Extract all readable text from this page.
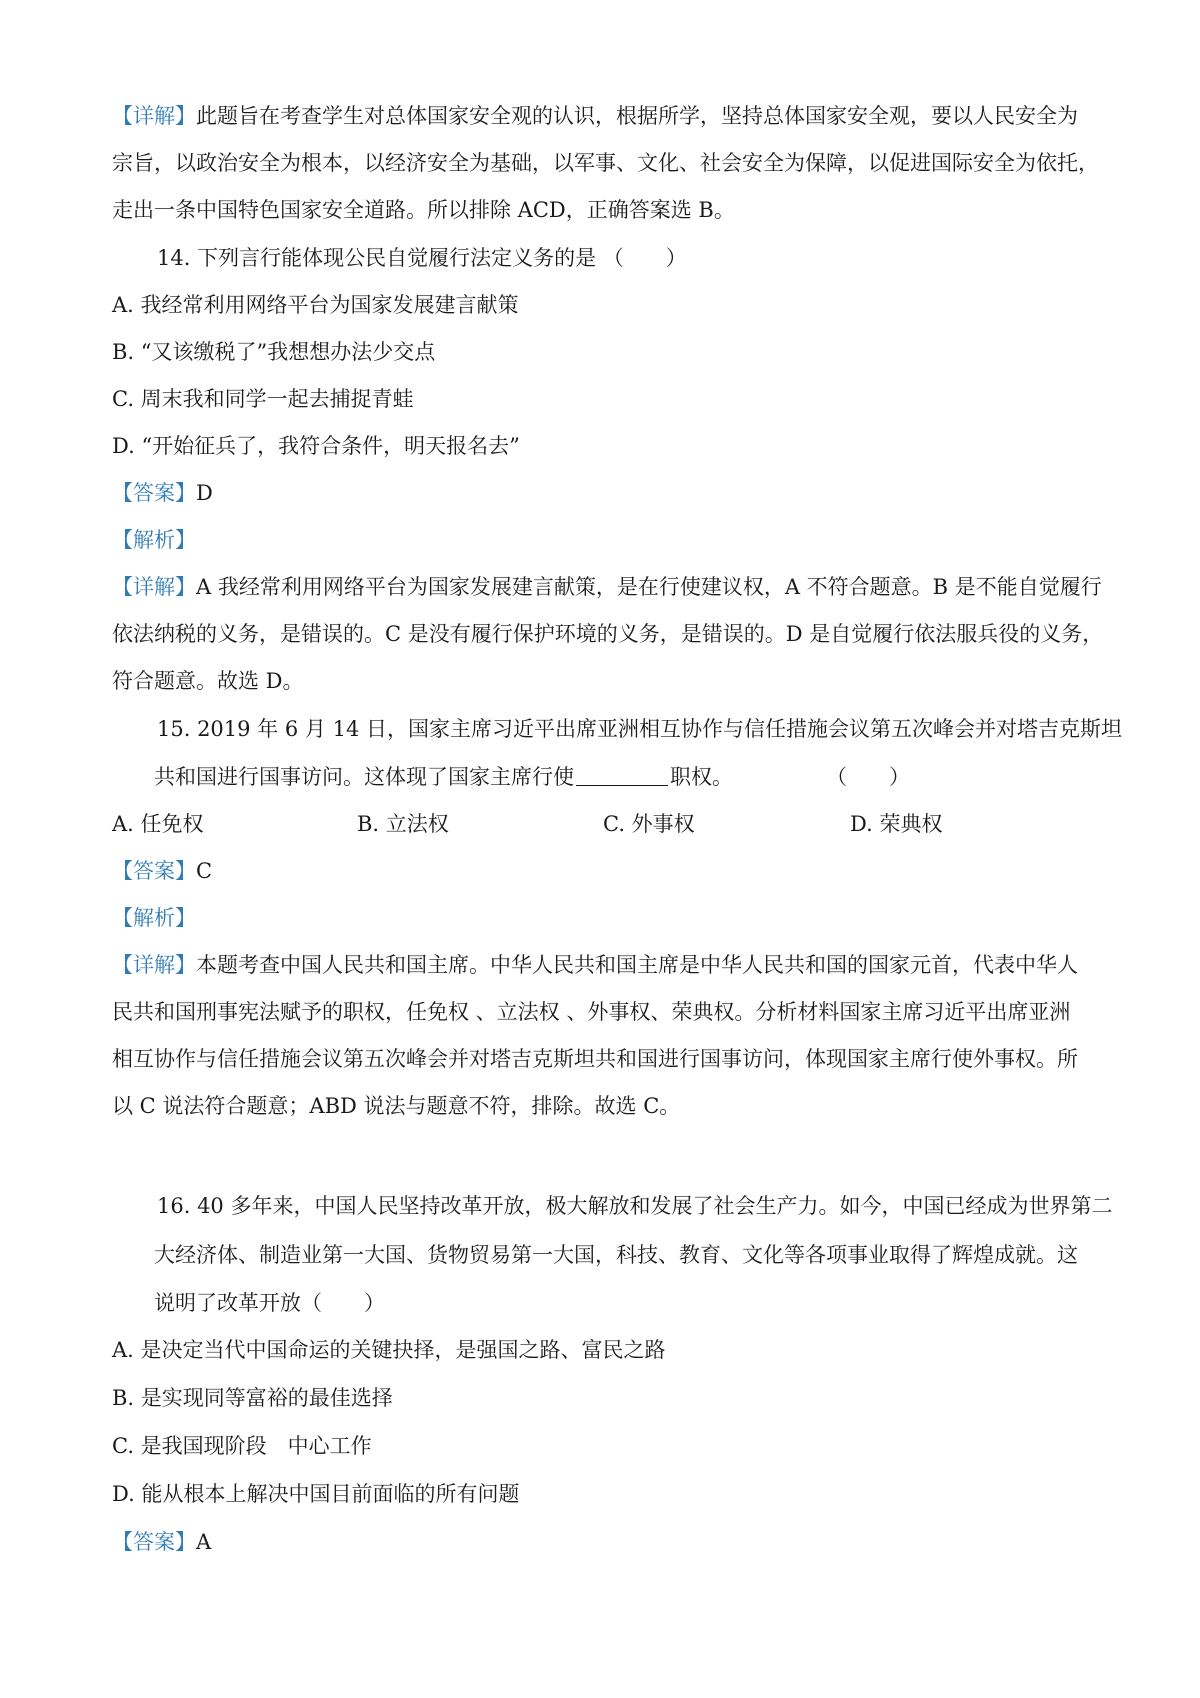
【详解】此题旨在考查学生对总体国家安全观的认识，根据所学，坚持总体国家安全观，要以人民安全为
宗旨，以政治安全为根本，以经济安全为基础，以军事、文化、社会安全为保障，以促进国际安全为依托，
走出一条中国特色国家安全道路。所以排除 ACD，正确答案选 B。
14. 下列言行能体现公民自觉履行法定义务的是 （　　）
A. 我经常利用网络平台为国家发展建言献策
B. “又该缴税了”我想想办法少交点
C. 周末我和同学一起去捕捉青蛙
D. “开始征兵了，我符合条件，明天报名去”
【答案】D
【解析】
【详解】A 我经常利用网络平台为国家发展建言献策，是在行使建议权，A 不符合题意。B 是不能自觉履行
依法纳税的义务，是错误的。C 是没有履行保护环境的义务，是错误的。D 是自觉履行依法服兵役的义务，
符合题意。故选 D。
15. 2019 年 6 月 14 日，国家主席习近平出席亚洲相互协作与信任措施会议第五次峰会并对塔吉克斯坦
共和国进行国事访问。这体现了国家主席行使	职权。	（　　）
A. 任免权	B. 立法权	C. 外事权	D. 荣典权
【答案】C
【解析】
【详解】本题考查中国人民共和国主席。中华人民共和国主席是中华人民共和国的国家元首，代表中华人
民共和国刑事宪法赋予的职权，任免权 、立法权 、外事权、荣典权。分析材料国家主席习近平出席亚洲
相互协作与信任措施会议第五次峰会并对塔吉克斯坦共和国进行国事访问，体现国家主席行使外事权。所
以 C 说法符合题意；ABD 说法与题意不符，排除。故选 C。
16. 40 多年来，中国人民坚持改革开放，极大解放和发展了社会生产力。如今，中国已经成为世界第二
大经济体、制造业第一大国、货物贸易第一大国，科技、教育、文化等各项事业取得了辉煌成就。这
说明了改革开放（　　）
A. 是决定当代中国命运的关键抉择，是强国之路、富民之路
B. 是实现同等富裕的最佳选择
C. 是我国现阶段　中心工作
D. 能从根本上解决中国目前面临的所有问题
【答案】A
